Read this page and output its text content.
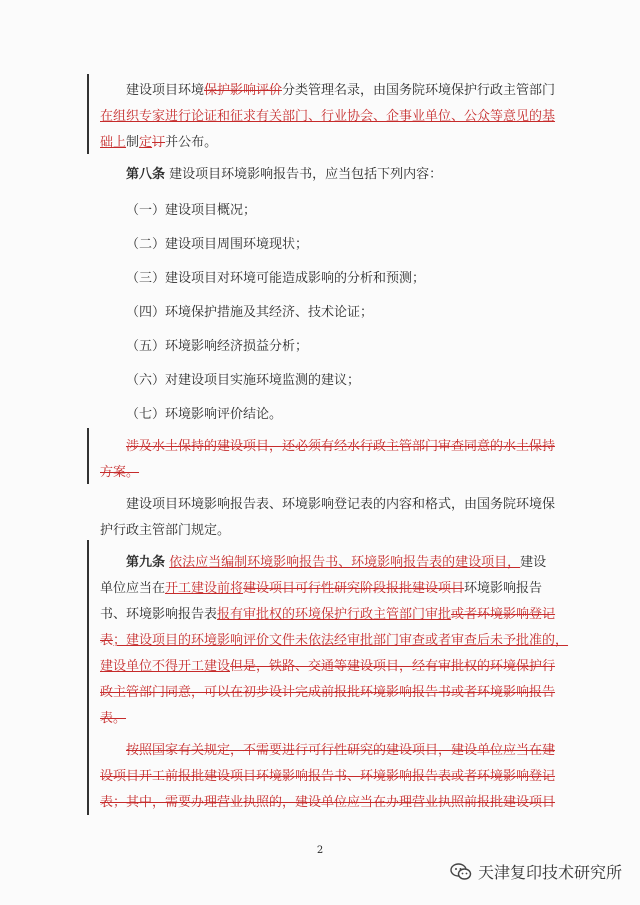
建设项目环境保护影响评价分类管理名录，由国务院环境保护行政主管部门
在组织专家进行论证和征求有关部门、行业协会、企事业单位、公众等意见的基
础上制定订并公布。
第八条 建设项目环境影响报告书，应当包括下列内容：
（一）建设项目概况；
（二）建设项目周围环境现状；
（三）建设项目对环境可能造成影响的分析和预测；
（四）环境保护措施及其经济、技术论证；
（五）环境影响经济损益分析；
（六）对建设项目实施环境监测的建议；
（七）环境影响评价结论。
涉及水土保持的建设项目，还必须有经水行政主管部门审查同意的水土保持
方案。
建设项目环境影响报告表、环境影响登记表的内容和格式，由国务院环境保
护行政主管部门规定。
第九条 依法应当编制环境影响报告书、环境影响报告表的建设项目，建设
单位应当在开工建设前将建设项目可行性研究阶段报批建设项目环境影响报告
书、环境影响报告表报有审批权的环境保护行政主管部门审批或者环境影响登记
表；建设项目的环境影响评价文件未依法经审批部门审查或者审查后未予批准的，
建设单位不得开工建设但是，铁路、交通等建设项目，经有审批权的环境保护行
政主管部门同意，可以在初步设计完成前报批环境影响报告书或者环境影响报告
表。
按照国家有关规定，不需要进行可行性研究的建设项目，建设单位应当在建
设项目开工前报批建设项目环境影响报告书、环境影响报告表或者环境影响登记
表；其中，需要办理营业执照的，建设单位应当在办理营业执照前报批建设项目
2
天津复印技术研究所
